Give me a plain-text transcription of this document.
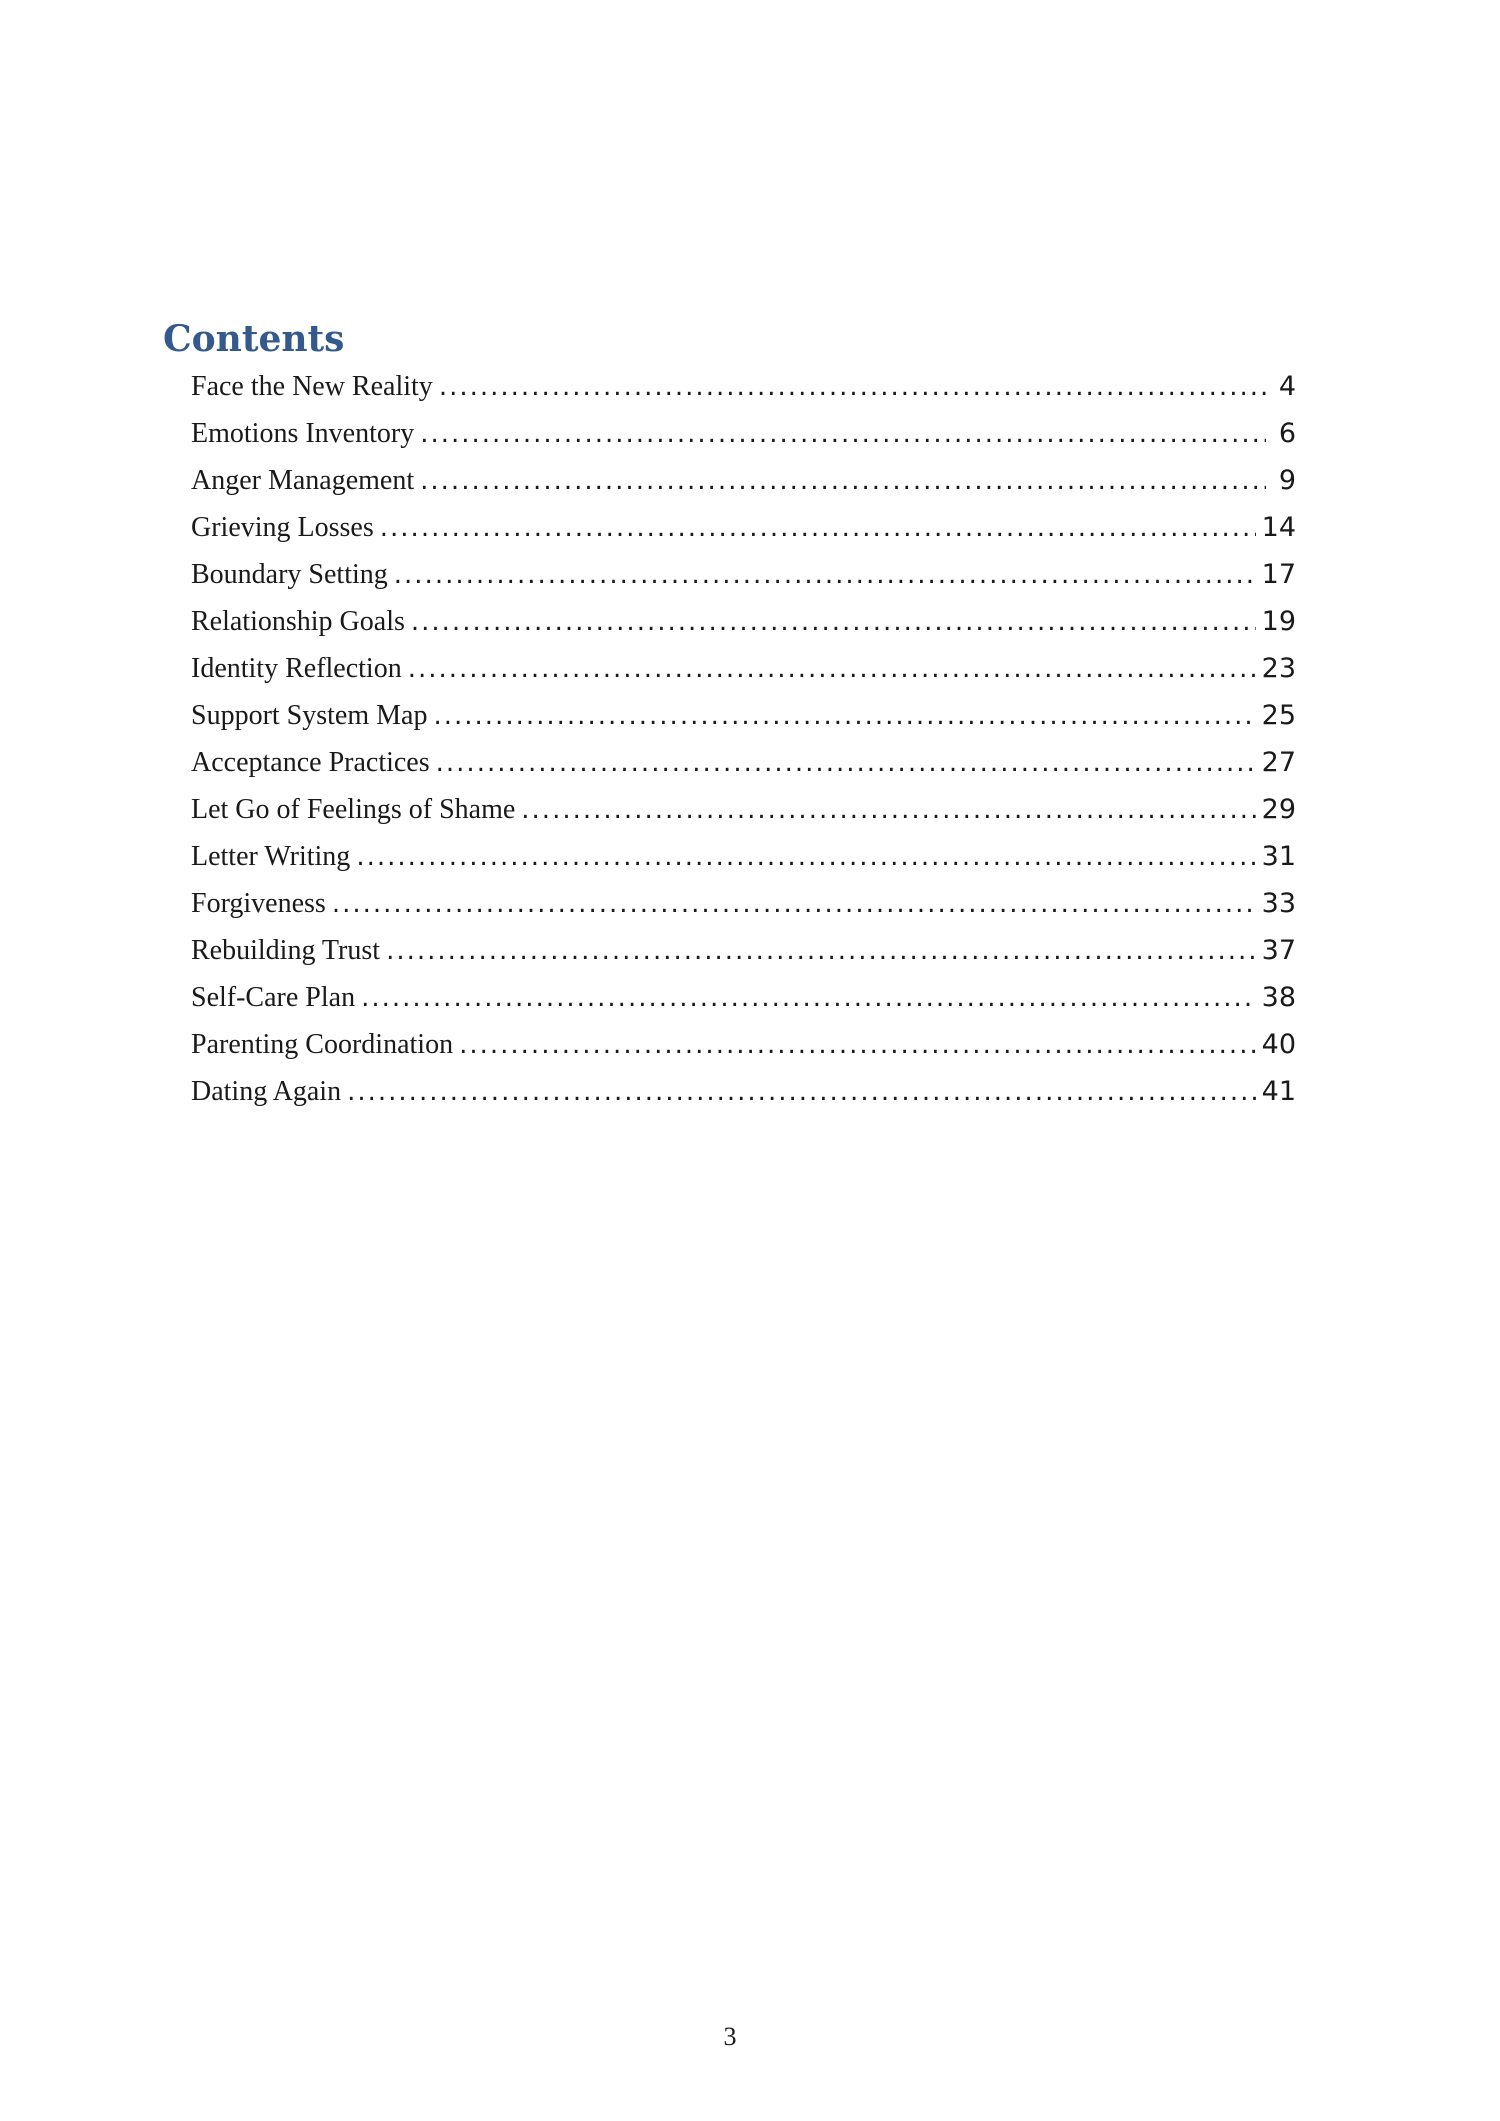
Contents
Face the New Reality .....	4
Emotions Inventory .....	6
Anger Management .....	9
Grieving Losses .....	14
Boundary Setting .....	17
Relationship Goals .....	19
Identity Reflection .....	23
Support System Map .....	25
Acceptance Practices .....	27
Let Go of Feelings of Shame .....	29
Letter Writing .....	31
Forgiveness .....	33
Rebuilding Trust .....	37
Self-Care Plan .....	38
Parenting Coordination .....	40
Dating Again .....	41
3
